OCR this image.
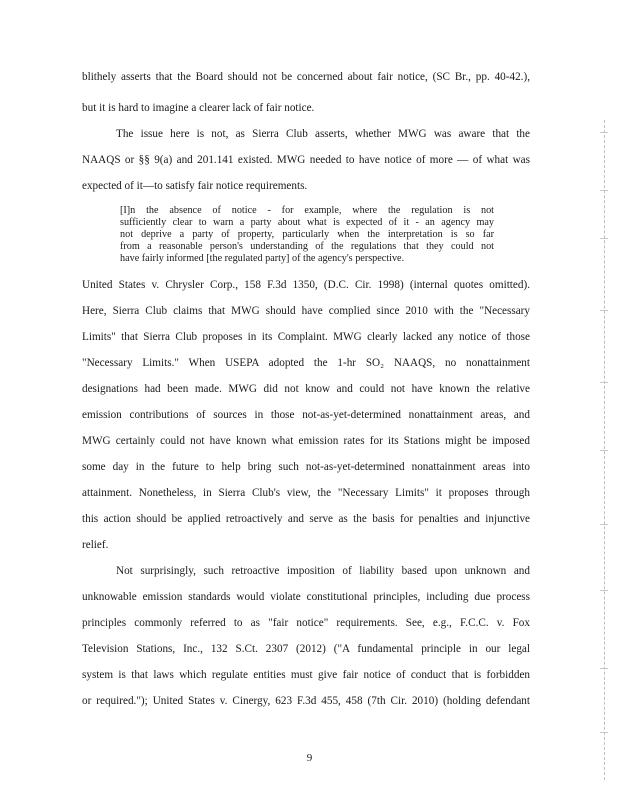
blithely asserts that the Board should not be concerned about fair notice, (SC Br., pp. 40-42.),
but it is hard to imagine a clearer lack of fair notice.
The issue here is not, as Sierra Club asserts, whether MWG was aware that the
NAAQS or §§ 9(a) and 201.141 existed. MWG needed to have notice of more — of what was
expected of it—to satisfy fair notice requirements.
[I]n the absence of notice - for example, where the regulation is not
sufficiently clear to warn a party about what is expected of it - an agency may
not deprive a party of property, particularly when the interpretation is so far
from a reasonable person's understanding of the regulations that they could not
have fairly informed [the regulated party] of the agency's perspective.
United States v. Chrysler Corp., 158 F.3d 1350, (D.C. Cir. 1998) (internal quotes omitted).
Here, Sierra Club claims that MWG should have complied since 2010 with the "Necessary
Limits" that Sierra Club proposes in its Complaint. MWG clearly lacked any notice of those
"Necessary Limits." When USEPA adopted the 1-hr SO₂ NAAQS, no nonattainment
designations had been made. MWG did not know and could not have known the relative
emission contributions of sources in those not-as-yet-determined nonattainment areas, and
MWG certainly could not have known what emission rates for its Stations might be imposed
some day in the future to help bring such not-as-yet-determined nonattainment areas into
attainment. Nonetheless, in Sierra Club's view, the "Necessary Limits" it proposes through
this action should be applied retroactively and serve as the basis for penalties and injunctive
relief.
Not surprisingly, such retroactive imposition of liability based upon unknown and
unknowable emission standards would violate constitutional principles, including due process
principles commonly referred to as "fair notice" requirements. See, e.g., F.C.C. v. Fox
Television Stations, Inc., 132 S.Ct. 2307 (2012) ("A fundamental principle in our legal
system is that laws which regulate entities must give fair notice of conduct that is forbidden
or required."); United States v. Cinergy, 623 F.3d 455, 458 (7th Cir. 2010) (holding defendant
9
